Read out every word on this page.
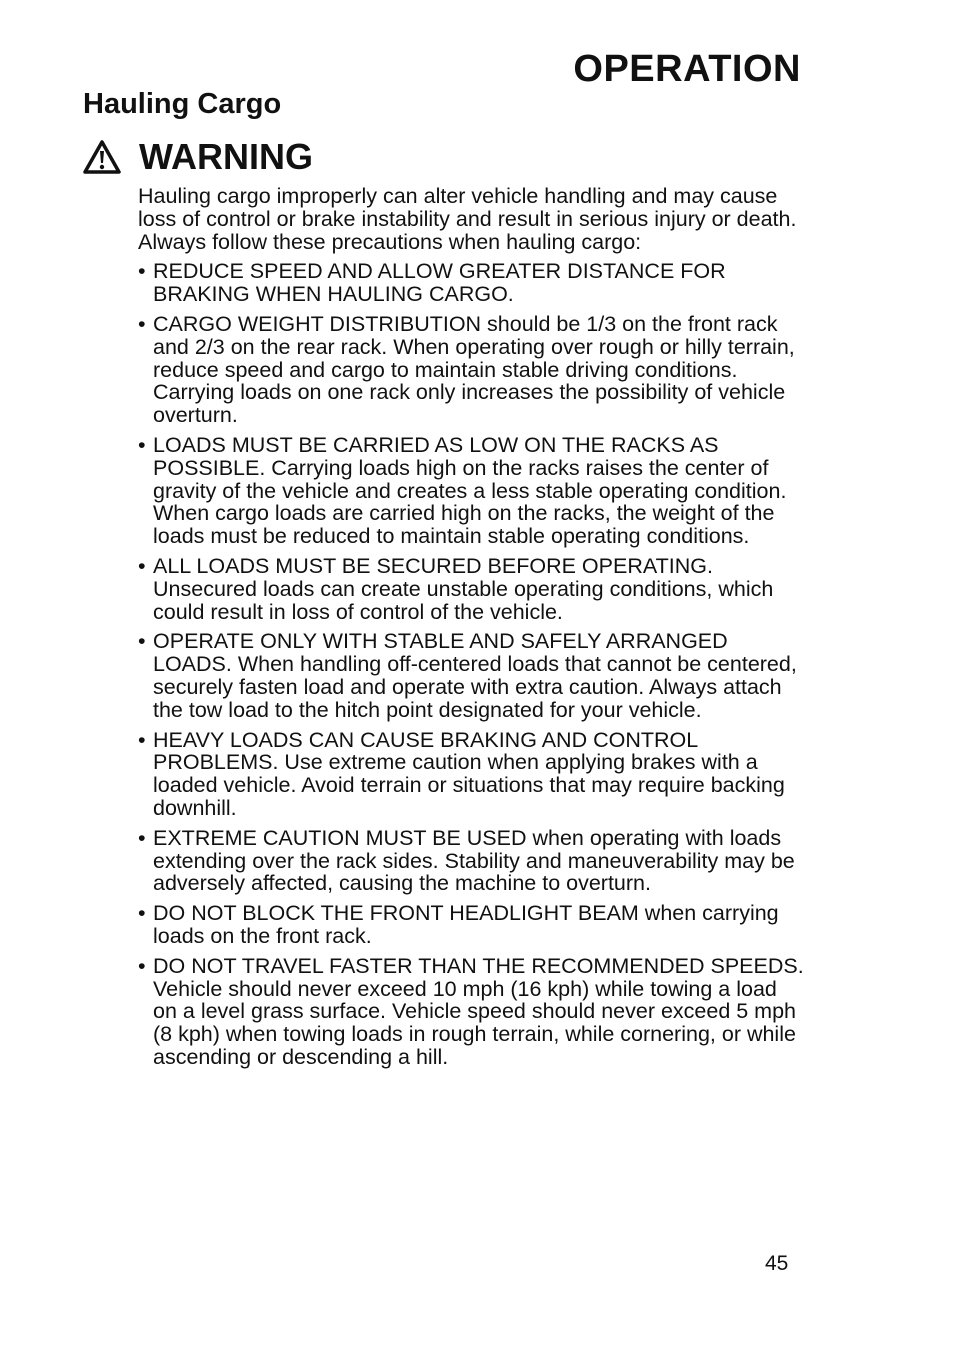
OPERATION
Hauling Cargo
WARNING

Hauling cargo improperly can alter vehicle handling and may cause loss of control or brake instability and result in serious injury or death. Always follow these precautions when hauling cargo:

• REDUCE SPEED AND ALLOW GREATER DISTANCE FOR BRAKING WHEN HAULING CARGO.
• CARGO WEIGHT DISTRIBUTION should be 1/3 on the front rack and 2/3 on the rear rack. When operating over rough or hilly terrain, reduce speed and cargo to maintain stable driving conditions. Carrying loads on one rack only increases the possibility of vehicle overturn.
• LOADS MUST BE CARRIED AS LOW ON THE RACKS AS POSSIBLE. Carrying loads high on the racks raises the center of gravity of the vehicle and creates a less stable operating condition. When cargo loads are carried high on the racks, the weight of the loads must be reduced to maintain stable operating conditions.
• ALL LOADS MUST BE SECURED BEFORE OPERATING. Unsecured loads can create unstable operating conditions, which could result in loss of control of the vehicle.
• OPERATE ONLY WITH STABLE AND SAFELY ARRANGED LOADS. When handling off-centered loads that cannot be centered, securely fasten load and operate with extra caution. Always attach the tow load to the hitch point designated for your vehicle.
• HEAVY LOADS CAN CAUSE BRAKING AND CONTROL PROBLEMS. Use extreme caution when applying brakes with a loaded vehicle. Avoid terrain or situations that may require backing downhill.
• EXTREME CAUTION MUST BE USED when operating with loads extending over the rack sides. Stability and maneuverability may be adversely affected, causing the machine to overturn.
• DO NOT BLOCK THE FRONT HEADLIGHT BEAM when carrying loads on the front rack.
• DO NOT TRAVEL FASTER THAN THE RECOMMENDED SPEEDS. Vehicle should never exceed 10 mph (16 kph) while towing a load on a level grass surface. Vehicle speed should never exceed 5 mph (8 kph) when towing loads in rough terrain, while cornering, or while ascending or descending a hill.
45
